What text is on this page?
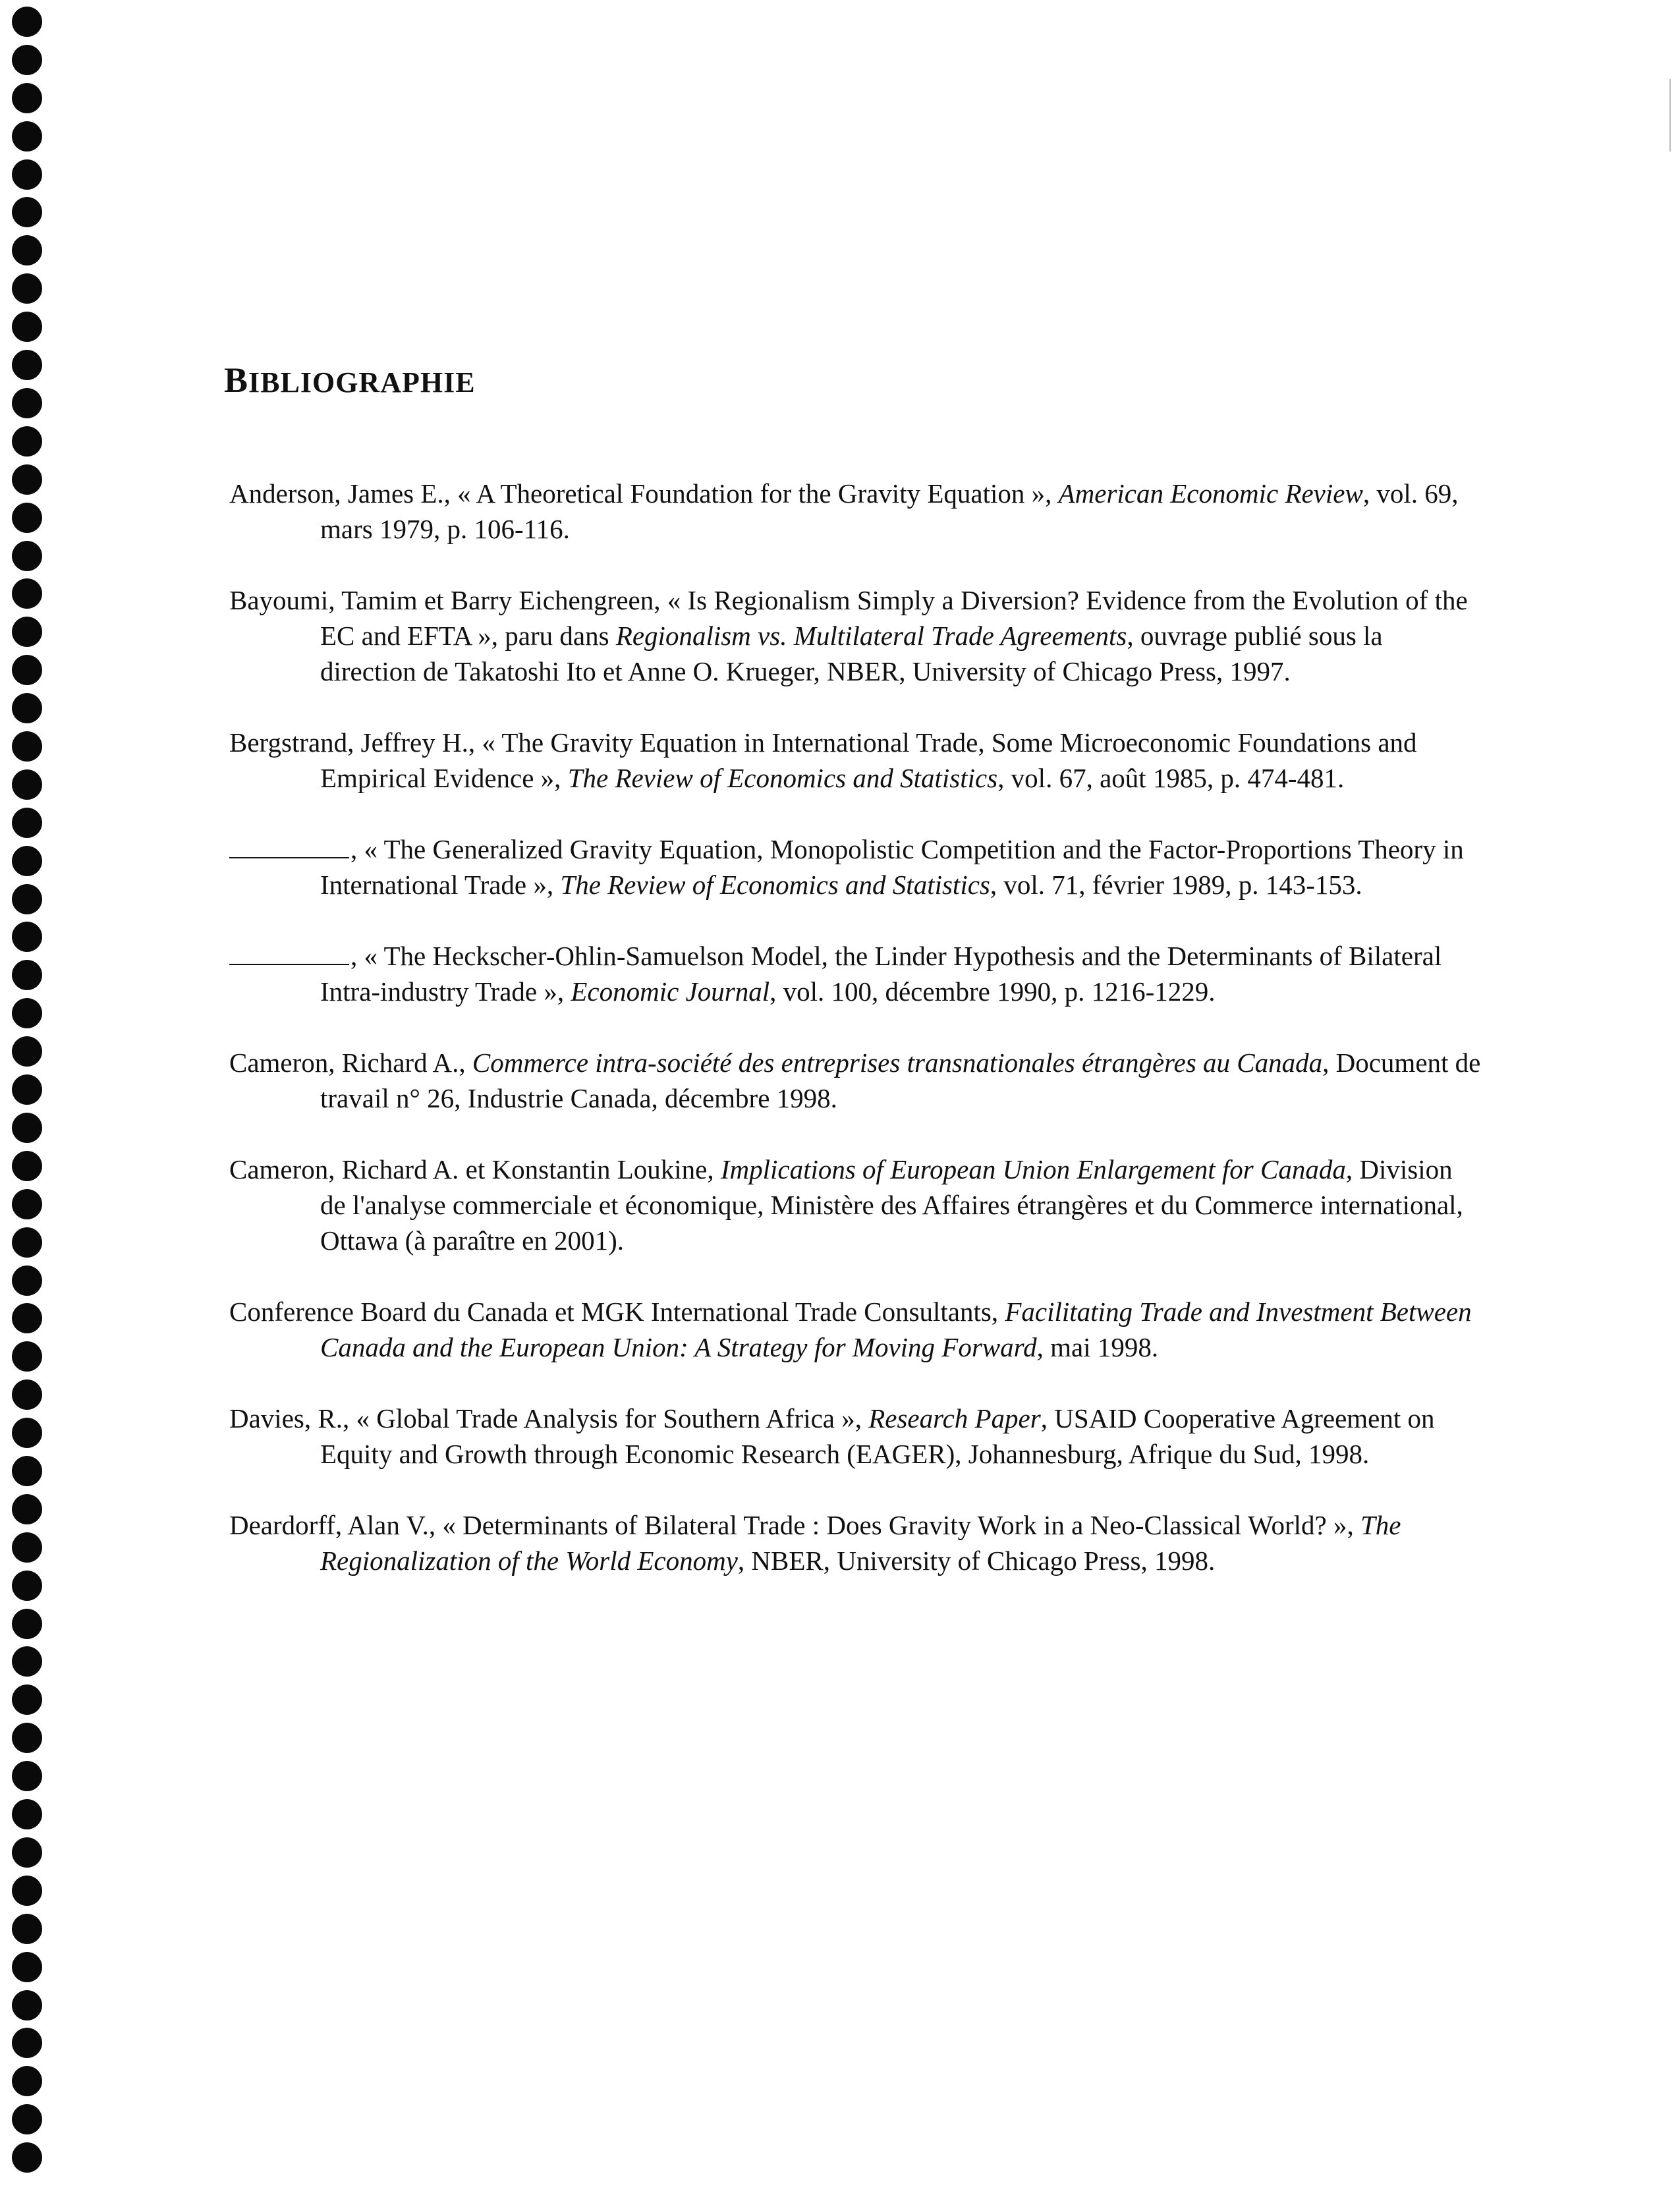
BIBLIOGRAPHIE
Anderson, James E., « A Theoretical Foundation for the Gravity Equation », American Economic Review, vol. 69, mars 1979, p. 106-116.
Bayoumi, Tamim et Barry Eichengreen, « Is Regionalism Simply a Diversion? Evidence from the Evolution of the EC and EFTA », paru dans Regionalism vs. Multilateral Trade Agreements, ouvrage publié sous la direction de Takatoshi Ito et Anne O. Krueger, NBER, University of Chicago Press, 1997.
Bergstrand, Jeffrey H., « The Gravity Equation in International Trade, Some Microeconomic Foundations and Empirical Evidence », The Review of Economics and Statistics, vol. 67, août 1985, p. 474-481.
, « The Generalized Gravity Equation, Monopolistic Competition and the Factor-Proportions Theory in International Trade », The Review of Economics and Statistics, vol. 71, février 1989, p. 143-153.
, « The Heckscher-Ohlin-Samuelson Model, the Linder Hypothesis and the Determinants of Bilateral Intra-industry Trade », Economic Journal, vol. 100, décembre 1990, p. 1216-1229.
Cameron, Richard A., Commerce intra-société des entreprises transnationales étrangères au Canada, Document de travail n° 26, Industrie Canada, décembre 1998.
Cameron, Richard A. et Konstantin Loukine, Implications of European Union Enlargement for Canada, Division de l'analyse commerciale et économique, Ministère des Affaires étrangères et du Commerce international, Ottawa (à paraître en 2001).
Conference Board du Canada et MGK International Trade Consultants, Facilitating Trade and Investment Between Canada and the European Union: A Strategy for Moving Forward, mai 1998.
Davies, R., « Global Trade Analysis for Southern Africa », Research Paper, USAID Cooperative Agreement on Equity and Growth through Economic Research (EAGER), Johannesburg, Afrique du Sud, 1998.
Deardorff, Alan V., « Determinants of Bilateral Trade : Does Gravity Work in a Neo-Classical World? », The Regionalization of the World Economy, NBER, University of Chicago Press, 1998.
